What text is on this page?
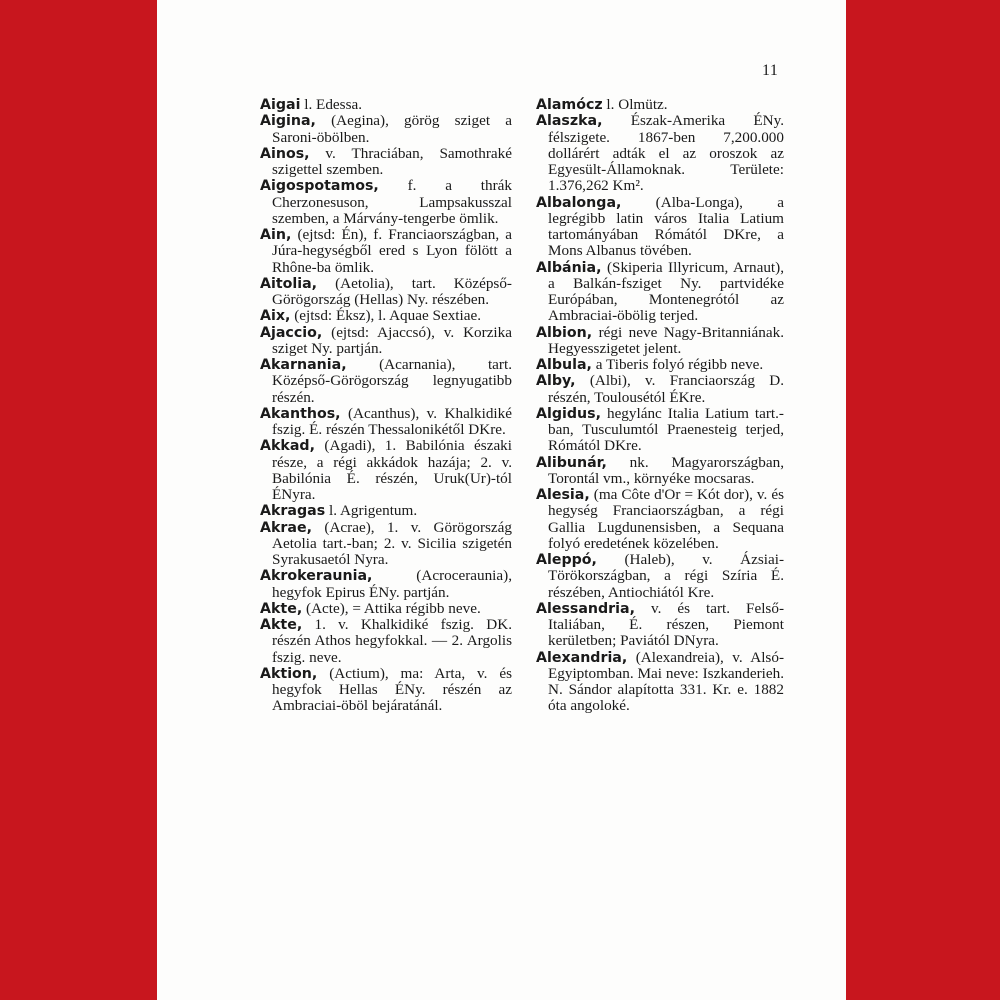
11

Aigai l. Edessa.

Aigina, (Aegina), görög sziget a Saroni-öbölben.

Ainos, v. Thraciában, Samothraké szigettel szemben.

Aigospotamos, f. a thrák Cherzonesuson, Lampsakusszal szemben, a Márvány-tengerbe ömlik.

Ain, (ejtsd: Én), f. Franciaországban, a Júra-hegységből ered s Lyon fölött a Rhône-ba ömlik.

Aitolia, (Aetolia), tart. Középső-Görögország (Hellas) Ny. részében.

Aix, (ejtsd: Éksz), l. Aquae Sextiae.

Ajaccio, (ejtsd: Ajaccsó), v. Korzika sziget Ny. partján.

Akarnania, (Acarnania), tart. Középső-Görögország legnyugatibb részén.

Akanthos, (Acanthus), v. Khalkidiké fszig. É. részén Thessalonikétől DKre.

Akkad, (Agadi), 1. Babilónia északi része, a régi akkádok hazája; 2. v. Babilónia É. részén, Uruk(Ur)-tól ÉNyra.

Akragas l. Agrigentum.

Akrae, (Acrae), 1. v. Görögország Aetolia tart.-ban; 2. v. Sicilia szigetén Syrakusaetól Nyra.

Akrokeraunia, (Acroceraunia), hegyfok Epirus ÉNy. partján.

Akte, (Acte), = Attika régibb neve.

Akte, 1. v. Khalkidiké fszig. DK. részén Athos hegyfokkal. — 2. Argolis fszig. neve.

Aktion, (Actium), ma: Arta, v. és hegyfok Hellas ÉNy. részén az Ambraciai-öböl bejáratánál.

Alamócz l. Olmütz.

Alaszka, Észak-Amerika ÉNy. félszigete. 1867-ben 7,200.000 dollárért adták el az oroszok az Egyesült-Államoknak. Területe: 1.376,262 Km².

Albalonga, (Alba-Longa), a legrégibb latin város Italia Latium tartományában Rómától DKre, a Mons Albanus tövében.

Albánia, (Skiperia Illyricum, Arnaut), a Balkán-fsziget Ny. partvidéke Európában, Montenegrótól az Ambraciai-öbölig terjed.

Albion, régi neve Nagy-Britanniának. Hegyesszigetet jelent.

Albula, a Tiberis folyó régibb neve.

Alby, (Albi), v. Franciaország D. részén, Toulousétól ÉKre.

Algidus, hegylánc Italia Latium tart.-ban, Tusculumtól Praenesteig terjed, Rómától DKre.

Alibunár, nk. Magyarországban, Torontál vm., környéke mocsaras.

Alesia, (ma Côte d'Or = Kót dor), v. és hegység Franciaországban, a régi Gallia Lugdunensisben, a Sequana folyó eredetének közelében.

Aleppó, (Haleb), v. Ázsiai-Törökországban, a régi Szíria É. részében, Antiochiától Kre.

Alessandria, v. és tart. Felső-Italiában, É. részen, Piemont kerületben; Paviától DNyra.

Alexandria, (Alexandreia), v. Alsó-Egyiptomban. Mai neve: Iszkanderieh. N. Sándor alapította 331. Kr. e. 1882 óta angoloké.
